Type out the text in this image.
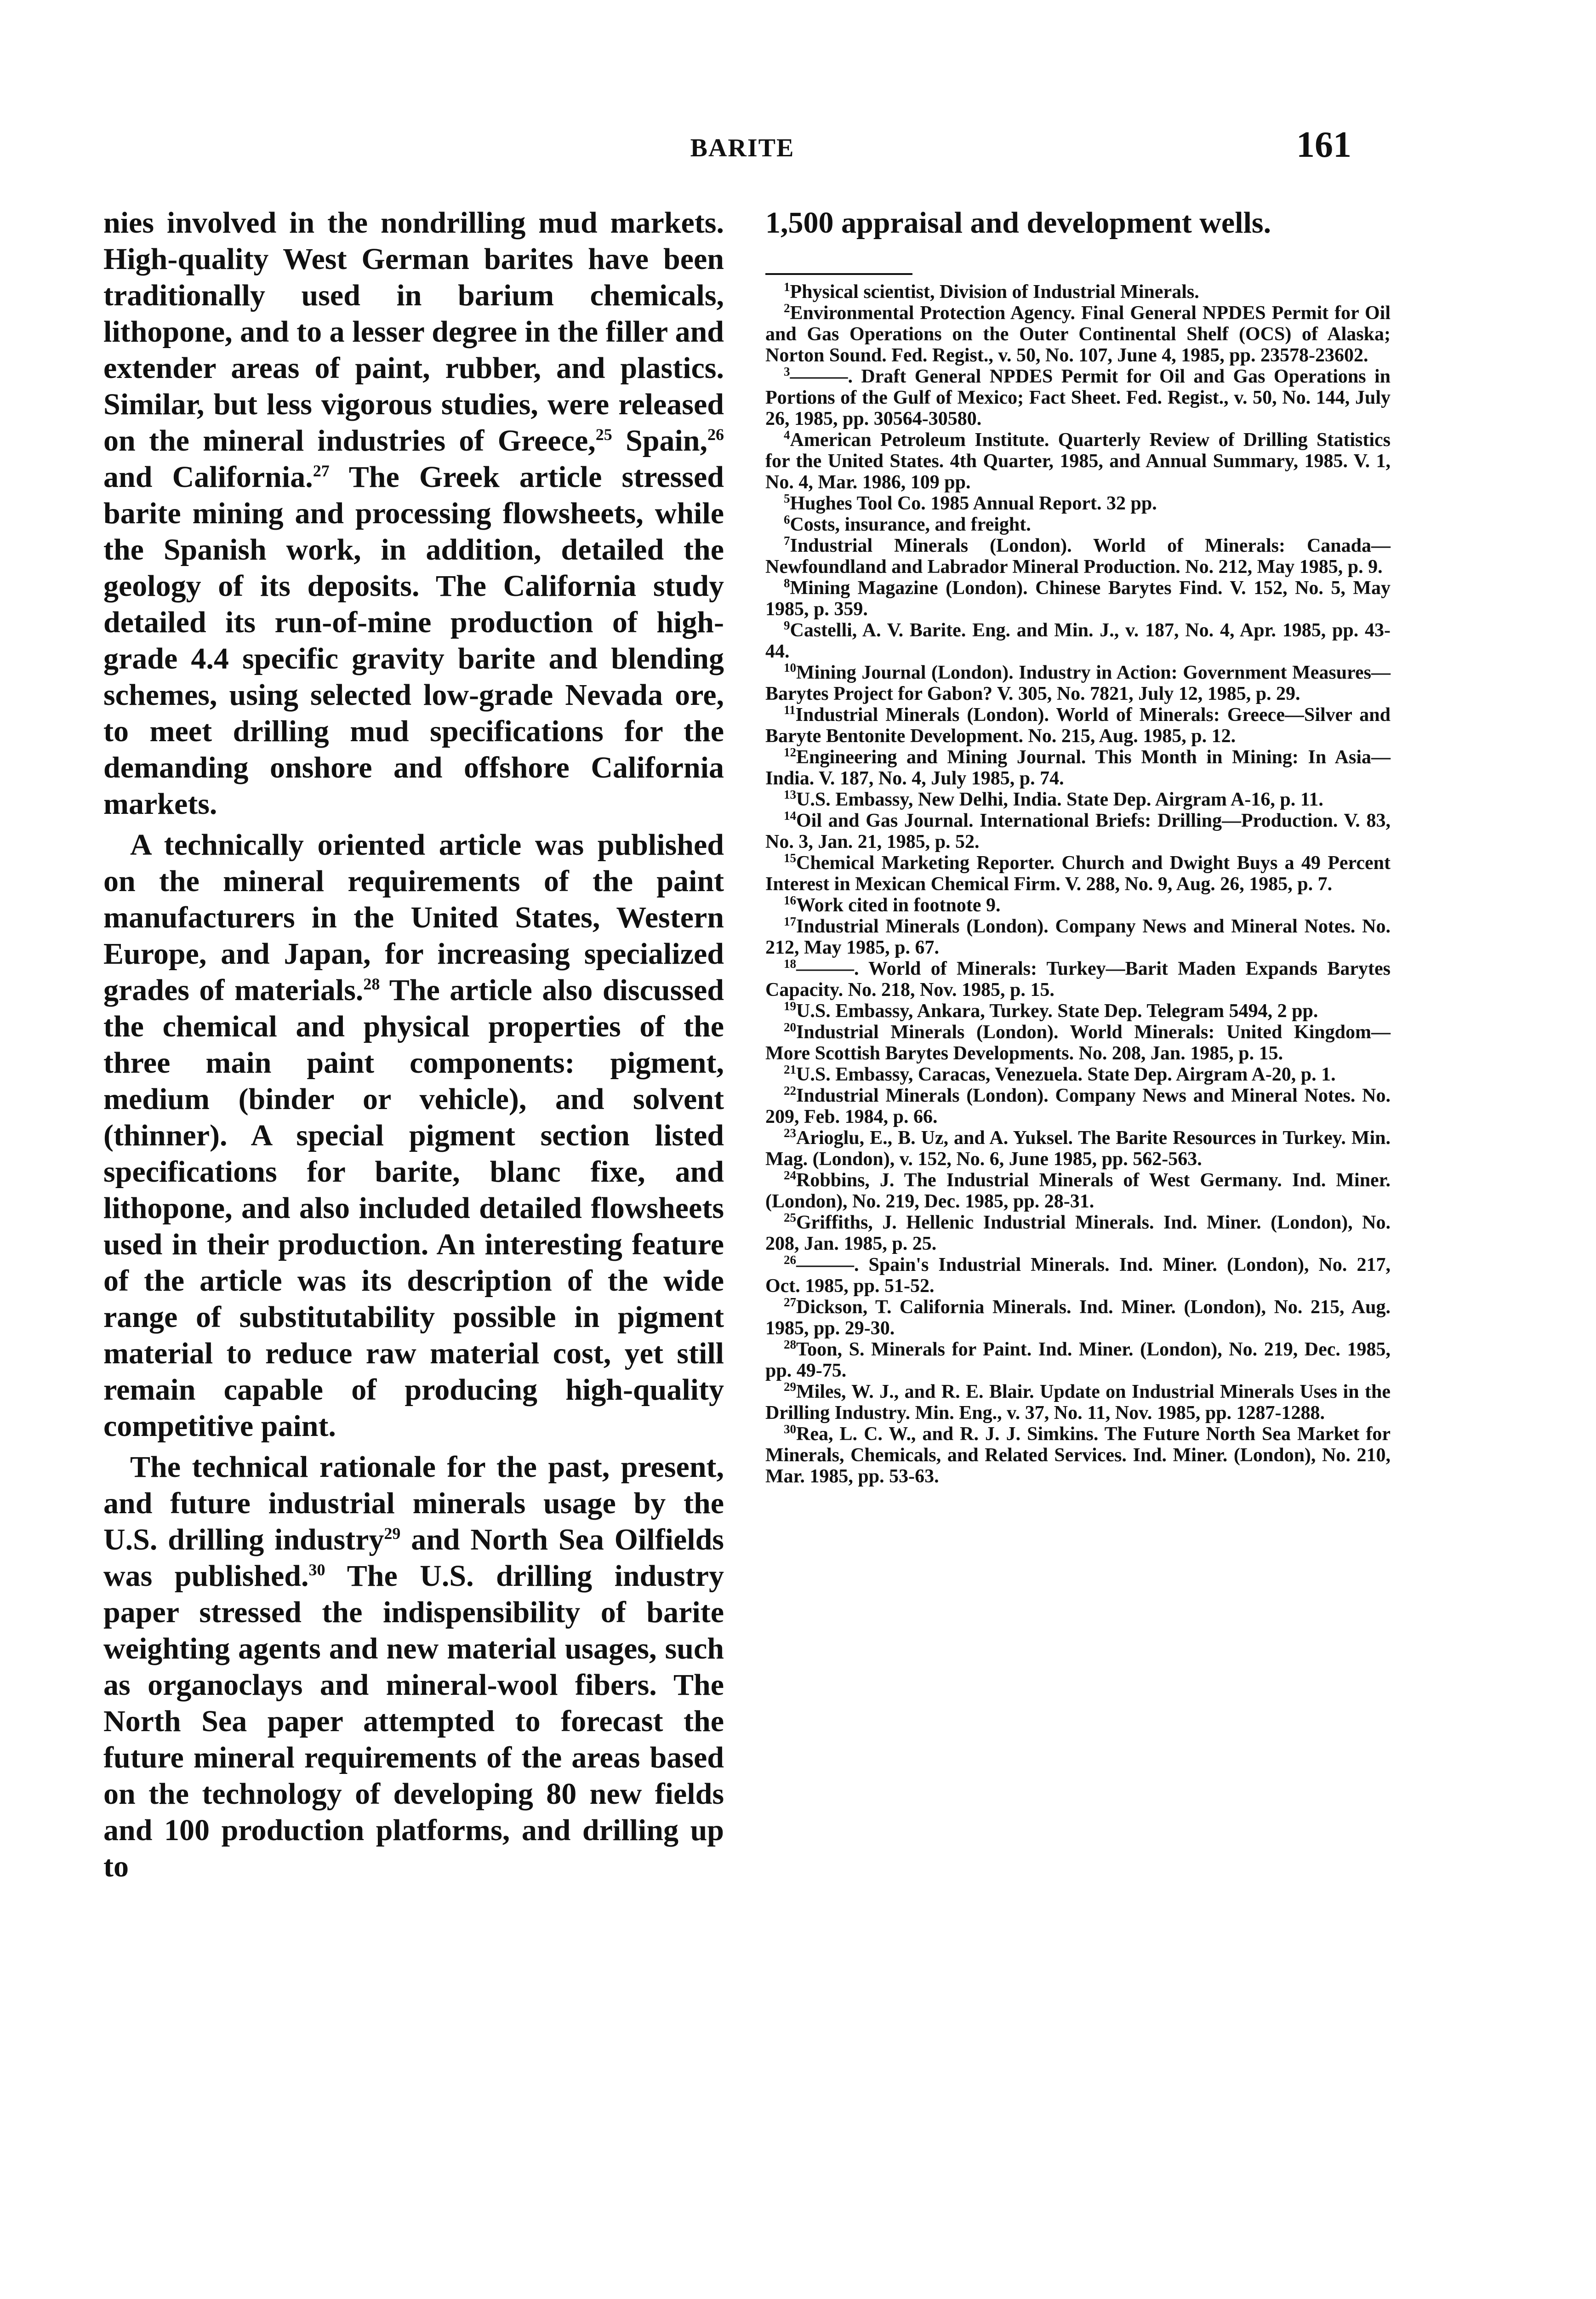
BARITE	161

nies involved in the nondrilling mud markets. High-quality West German barites have been traditionally used in barium chemicals, lithopone, and to a lesser degree in the filler and extender areas of paint, rubber, and plastics. Similar, but less vigorous studies, were released on the mineral industries of Greece,$^{25}$ Spain,$^{26}$ and California.$^{27}$ The Greek article stressed barite mining and processing flowsheets, while the Spanish work, in addition, detailed the geology of its deposits. The California study detailed its run-of-mine production of high-grade 4.4 specific gravity barite and blending schemes, using selected low-grade Nevada ore, to meet drilling mud specifications for the demanding onshore and offshore California markets.

A technically oriented article was published on the mineral requirements of the paint manufacturers in the United States, Western Europe, and Japan, for increasing specialized grades of materials.$^{28}$ The article also discussed the chemical and physical properties of the three main paint components: pigment, medium (binder or vehicle), and solvent (thinner). A special pigment section listed specifications for barite, blanc fixe, and lithopone, and also included detailed flowsheets used in their production. An interesting feature of the article was its description of the wide range of substitutability possible in pigment material to reduce raw material cost, yet still remain capable of producing high-quality competitive paint.

The technical rationale for the past, present, and future industrial minerals usage by the U.S. drilling industry$^{29}$ and North Sea Oilfields was published.$^{30}$ The U.S. drilling industry paper stressed the indispensibility of barite weighting agents and new material usages, such as organoclays and mineral-wool fibers. The North Sea paper attempted to forecast the future mineral requirements of the areas based on the technology of developing 80 new fields and 100 production platforms, and drilling up to

1,500 appraisal and development wells.

$^1$Physical scientist, Division of Industrial Minerals.
$^2$Environmental Protection Agency. Final General NPDES Permit for Oil and Gas Operations on the Outer Continental Shelf (OCS) of Alaska; Norton Sound. Fed. Regist., v. 50, No. 107, June 4, 1985, pp. 23578-23602.
$^3$———. Draft General NPDES Permit for Oil and Gas Operations in Portions of the Gulf of Mexico; Fact Sheet. Fed. Regist., v. 50, No. 144, July 26, 1985, pp. 30564-30580.
$^4$American Petroleum Institute. Quarterly Review of Drilling Statistics for the United States. 4th Quarter, 1985, and Annual Summary, 1985. V. 1, No. 4, Mar. 1986, 109 pp.
$^5$Hughes Tool Co. 1985 Annual Report. 32 pp.
$^6$Costs, insurance, and freight.
$^7$Industrial Minerals (London). World of Minerals: Canada—Newfoundland and Labrador Mineral Production. No. 212, May 1985, p. 9.
$^8$Mining Magazine (London). Chinese Barytes Find. V. 152, No. 5, May 1985, p. 359.
$^9$Castelli, A. V. Barite. Eng. and Min. J., v. 187, No. 4, Apr. 1985, pp. 43-44.
$^{10}$Mining Journal (London). Industry in Action: Government Measures—Barytes Project for Gabon? V. 305, No. 7821, July 12, 1985, p. 29.
$^{11}$Industrial Minerals (London). World of Minerals: Greece—Silver and Baryte Bentonite Development. No. 215, Aug. 1985, p. 12.
$^{12}$Engineering and Mining Journal. This Month in Mining: In Asia—India. V. 187, No. 4, July 1985, p. 74.
$^{13}$U.S. Embassy, New Delhi, India. State Dep. Airgram A-16, p. 11.
$^{14}$Oil and Gas Journal. International Briefs: Drilling—Production. V. 83, No. 3, Jan. 21, 1985, p. 52.
$^{15}$Chemical Marketing Reporter. Church and Dwight Buys a 49 Percent Interest in Mexican Chemical Firm. V. 288, No. 9, Aug. 26, 1985, p. 7.
$^{16}$Work cited in footnote 9.
$^{17}$Industrial Minerals (London). Company News and Mineral Notes. No. 212, May 1985, p. 67.
$^{18}$———. World of Minerals: Turkey—Barit Maden Expands Barytes Capacity. No. 218, Nov. 1985, p. 15.
$^{19}$U.S. Embassy, Ankara, Turkey. State Dep. Telegram 5494, 2 pp.
$^{20}$Industrial Minerals (London). World Minerals: United Kingdom—More Scottish Barytes Developments. No. 208, Jan. 1985, p. 15.
$^{21}$U.S. Embassy, Caracas, Venezuela. State Dep. Airgram A-20, p. 1.
$^{22}$Industrial Minerals (London). Company News and Mineral Notes. No. 209, Feb. 1984, p. 66.
$^{23}$Arioglu, E., B. Uz, and A. Yuksel. The Barite Resources in Turkey. Min. Mag. (London), v. 152, No. 6, June 1985, pp. 562-563.
$^{24}$Robbins, J. The Industrial Minerals of West Germany. Ind. Miner. (London), No. 219, Dec. 1985, pp. 28-31.
$^{25}$Griffiths, J. Hellenic Industrial Minerals. Ind. Miner. (London), No. 208, Jan. 1985, p. 25.
$^{26}$———. Spain's Industrial Minerals. Ind. Miner. (London), No. 217, Oct. 1985, pp. 51-52.
$^{27}$Dickson, T. California Minerals. Ind. Miner. (London), No. 215, Aug. 1985, pp. 29-30.
$^{28}$Toon, S. Minerals for Paint. Ind. Miner. (London), No. 219, Dec. 1985, pp. 49-75.
$^{29}$Miles, W. J., and R. E. Blair. Update on Industrial Minerals Uses in the Drilling Industry. Min. Eng., v. 37, No. 11, Nov. 1985, pp. 1287-1288.
$^{30}$Rea, L. C. W., and R. J. J. Simkins. The Future North Sea Market for Minerals, Chemicals, and Related Services. Ind. Miner. (London), No. 210, Mar. 1985, pp. 53-63.
